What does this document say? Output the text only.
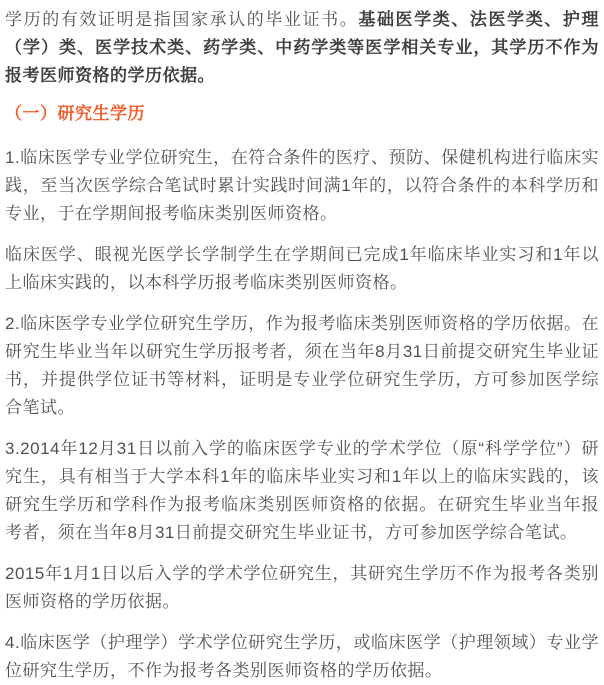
学历的有效证明是指国家承认的毕业证书。基础医学类、法医学类、护理（学）类、医学技术类、药学类、中药学类等医学相关专业，其学历不作为报考医师资格的学历依据。

（一）研究生学历

1.临床医学专业学位研究生，在符合条件的医疗、预防、保健机构进行临床实践，至当次医学综合笔试时累计实践时间满1年的，以符合条件的本科学历和专业，于在学期间报考临床类别医师资格。

临床医学、眼视光医学长学制学生在学期间已完成1年临床毕业实习和1年以上临床实践的，以本科学历报考临床类别医师资格。

2.临床医学专业学位研究生学历，作为报考临床类别医师资格的学历依据。在研究生毕业当年以研究生学历报考者，须在当年8月31日前提交研究生毕业证书，并提供学位证书等材料，证明是专业学位研究生学历，方可参加医学综合笔试。

3.2014年12月31日以前入学的临床医学专业的学术学位（原“科学学位”）研究生，具有相当于大学本科1年的临床毕业实习和1年以上的临床实践的，该研究生学历和学科作为报考临床类别医师资格的依据。在研究生毕业当年报考者，须在当年8月31日前提交研究生毕业证书，方可参加医学综合笔试。

2015年1月1日以后入学的学术学位研究生，其研究生学历不作为报考各类别医师资格的学历依据。

4.临床医学（护理学）学术学位研究生学历，或临床医学（护理领域）专业学位研究生学历，不作为报考各类别医师资格的学历依据。
